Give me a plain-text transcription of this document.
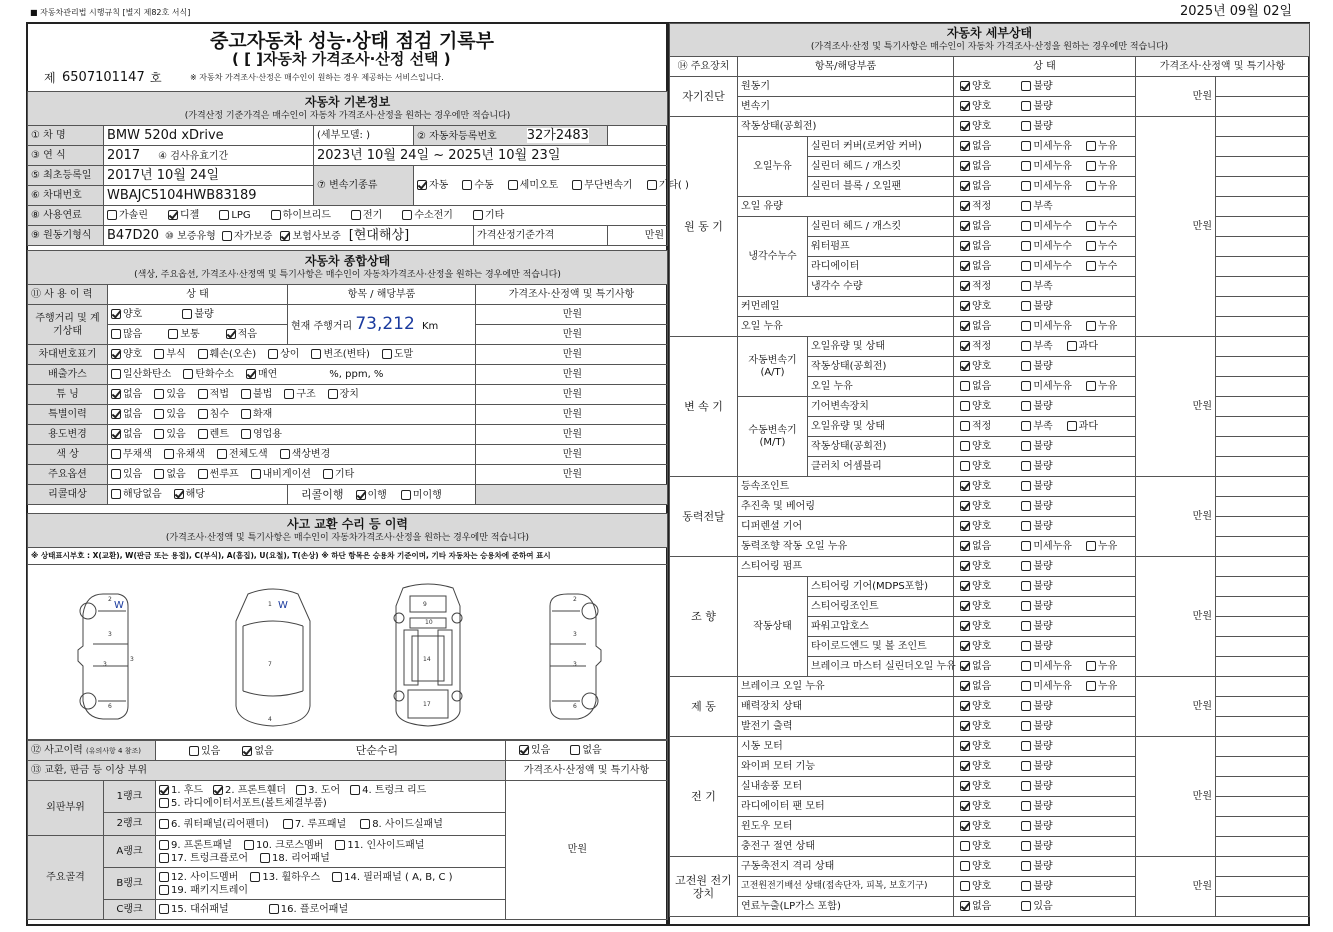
■ 자동차관리법 시행규칙 [별지 제82호 서식]	2025년 09월 02일
중고자동차 성능·상태 점검 기록부
( [ ]자동차 가격조사·산정 선택 )
제 6507101147 호	※ 자동차 가격조사·산정은 매수인이 원하는 경우 제공하는 서비스입니다.
자동차 기본정보
(가격산정 기준가격은 매수인이 자동차 가격조사·산정을 원하는 경우에만 적습니다)					

① 차 명	BMW 520d xDrive	(세부모델: )	② 자동차등록번호 32가2483		
③ 연 식	2017 ④ 검사유효기간	2023년 10월 24일 ~ 2025년 10월 23일			
⑤ 최초등록일	2017년 10월 24일	⑦ 변속기종류	자동 수동 세미오토 무단변속기 기타( )		

⑥ 차대번호	WBAJC5104HWB83189				
⑧ 사용연료	가솔린 디젤 LPG 하이브리드 전기 수소전기 기타				

⑨ 원동기형식	B47D20 ⑩ 보증유형 자가보증 보험사보증 [현대해상]			가격산정기준가격	만원
자동차 종합상태
(색상, 주요옵션, 가격조사·산정액 및 특기사항은 매수인이 자동차가격조사·산정을 원하는 경우에만 적습니다)			

⑪ 사 용 이 력	상 태	항목 / 해당부품	가격조사·산정액 및 특기사항
주행거리 및 계기상태	양호 불량	현재 주행거리 73,212 Km	만원

	많음 보통 적음		만원
차대번호표기	양호 부식 훼손(오손) 상이 변조(변타) 도말		만원
배출가스	일산화탄소 탄화수소 매연 %, ppm, %		만원
튜 닝	없음 있음 적법 불법 구조 장치		만원
특별이력	없음 있음 침수 화재		만원
용도변경	없음 있음 렌트 영업용		만원
색 상	무채색 유채색 전체도색 색상변경		만원
주요옵션	있음 없음 썬루프 내비게이션 기타		만원
리콜대상	해당없음 해당	리콜이행 이행 미이행	
사고 교환 수리 등 이력
(가격조사·산정액 및 특기사항은 매수인이 자동차가격조사·산정을 원하는 경우에만 적습니다)

※ 상태표시부호 : X(교환), W(판금 또는 용접), C(부식), A(흠집), U(요철), T(손상) ※ 하단 항목은 승용차 기준이며, 기타 자동차는 승용차에 준하여 표시

2
3
3
3
6
1
7
4
9
10
14
17
2
3
3
6
W	W
⑫ 사고이력 (유의사항 4 참조)		있음 없음 단순수리	있음 없음
⑬ 교환, 판금 등 이상 부위			가격조사·산정액 및 특기사항
외판부위	1랭크	1. 후드 2. 프론트휀더 3. 도어 4. 트렁크 리드5. 라디에이터서포트(볼트체결부품)	만원
	2랭크	6. 쿼터패널(리어펜더) 7. 루프패널 8. 사이드실패널	

주요골격	A랭크	9. 프론트패널 10. 크로스멤버 11. 인사이드패널17. 트렁크플로어 18. 리어패널	

	B랭크	12. 사이드멤버 13. 휠하우스 14. 필러패널 ( A, B, C )19. 패키지트레이	

	C랭크	15. 대쉬패널 16. 플로어패널	
자동차 세부상태
(가격조사·산정 및 특기사항은 매수인이 자동차 가격조사·산정을 원하는 경우에만 적습니다)					

⑭ 주요장치	항목/해당부품		상 태	가격조사·산정액 및 특기사항	
자기진단	원동기		양호 불량	만원	
	변속기		양호 불량		
원 동 기	작동상태(공회전)		양호 불량	만원	
	오일누유	실린더 커버(로커암 커버)	없음 미세누유 누유		
		실린더 헤드 / 개스킷	없음 미세누유 누유		
		실린더 블록 / 오일팬	없음 미세누유 누유		
	오일 유량		적정 부족		
	냉각수누수	실린더 헤드 / 개스킷	없음 미세누수 누수		
		워터펌프	없음 미세누수 누수		
		라디에이터	없음 미세누수 누수		
		냉각수 수량	적정 부족		
	커먼레일		양호 불량		
	오일 누유		없음 미세누유 누유		
변 속 기	자동변속기 (A/T)	오일유량 및 상태	적정 부족 과다	만원	
		작동상태(공회전)	양호 불량		
		오일 누유	없음 미세누유 누유		
	수동변속기 (M/T)	기어변속장치	양호 불량		
		오일유량 및 상태	적정 부족 과다		
		작동상태(공회전)	양호 불량		
		클러치 어셈블리	양호 불량		
동력전달	등속조인트		양호 불량	만원	
	추진축 및 베어링		양호 불량		
	디퍼렌셜 기어		양호 불량		
	동력조향 작동 오일 누유		없음 미세누유 누유		
조 향	스티어링 펌프		양호 불량	만원	
	작동상태	스티어링 기어(MDPS포함)	양호 불량		
		스티어링조인트	양호 불량		
		파워고압호스	양호 불량		
		타이로드엔드 및 볼 조인트	양호 불량		
		브레이크 마스터 실린더오일 누유	없음 미세누유 누유		
제 동	브레이크 오일 누유		없음 미세누유 누유	만원	
	배력장치 상태		양호 불량		
	발전기 출력		양호 불량		
전 기	시동 모터		양호 불량	만원	
	와이퍼 모터 기능		양호 불량		
	실내송풍 모터		양호 불량		
	라디에이터 팬 모터		양호 불량		
	윈도우 모터		양호 불량		
	충전구 절연 상태		양호 불량		
고전원 전기장치	구동축전지 격리 상태		양호 불량	만원	
	고전원전기배선 상태(접속단자, 피복, 보호기구)		양호 불량		
	연료누출(LP가스 포함)		없음 있음		
